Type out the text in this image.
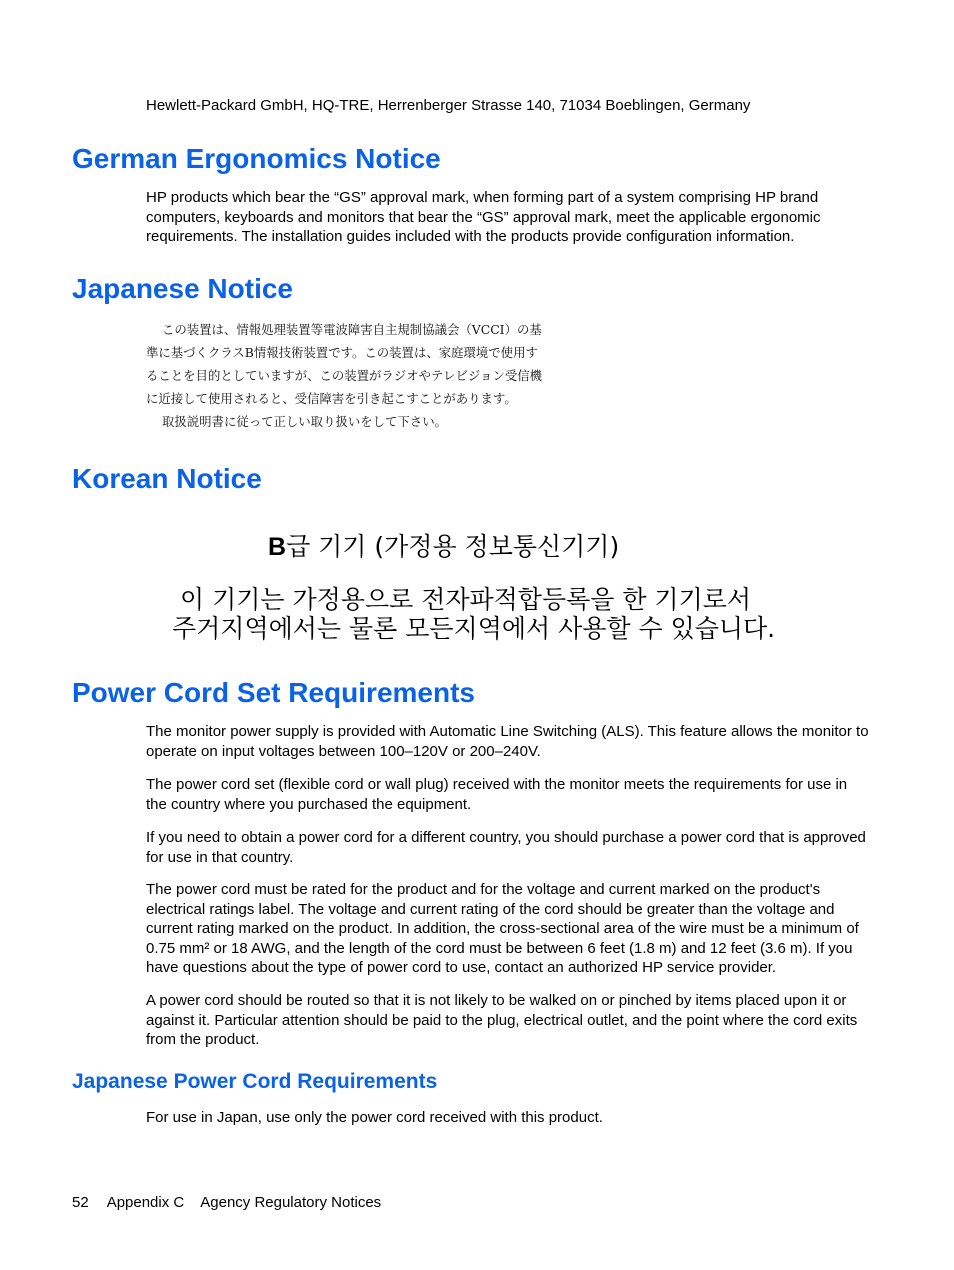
Hewlett-Packard GmbH, HQ-TRE, Herrenberger Strasse 140, 71034 Boeblingen, Germany
German Ergonomics Notice

HP products which bear the “GS” approval mark, when forming part of a system comprising HP brand computers, keyboards and monitors that bear the “GS” approval mark, meet the applicable ergonomic requirements. The installation guides included with the products provide configuration information.

Japanese Notice
この装置は、情報処理装置等電波障害自主規制協議会（VCCI）の基
準に基づくクラスB情報技術装置です。この装置は、家庭環境で使用す
ることを目的としていますが、この装置がラジオやテレビジョン受信機
に近接して使用されると、受信障害を引き起こすことがあります。
取扱説明書に従って正しい取り扱いをして下さい。
Korean Notice
B급 기기 (가정용 정보통신기기)
이 기기는 가정용으로 전자파적합등록을 한 기기로서
주거지역에서는 물론 모든지역에서 사용할 수 있습니다.
Power Cord Set Requirements

The monitor power supply is provided with Automatic Line Switching (ALS). This feature allows the monitor to operate on input voltages between 100–120V or 200–240V.

The power cord set (flexible cord or wall plug) received with the monitor meets the requirements for use in the country where you purchased the equipment.

If you need to obtain a power cord for a different country, you should purchase a power cord that is approved for use in that country.

The power cord must be rated for the product and for the voltage and current marked on the product's electrical ratings label. The voltage and current rating of the cord should be greater than the voltage and current rating marked on the product. In addition, the cross-sectional area of the wire must be a minimum of 0.75 mm² or 18 AWG, and the length of the cord must be between 6 feet (1.8 m) and 12 feet (3.6 m). If you have questions about the type of power cord to use, contact an authorized HP service provider.

A power cord should be routed so that it is not likely to be walked on or pinched by items placed upon it or against it. Particular attention should be paid to the plug, electrical outlet, and the point where the cord exits from the product.

Japanese Power Cord Requirements

For use in Japan, use only the power cord received with this product.

52 Appendix C Agency Regulatory Notices
